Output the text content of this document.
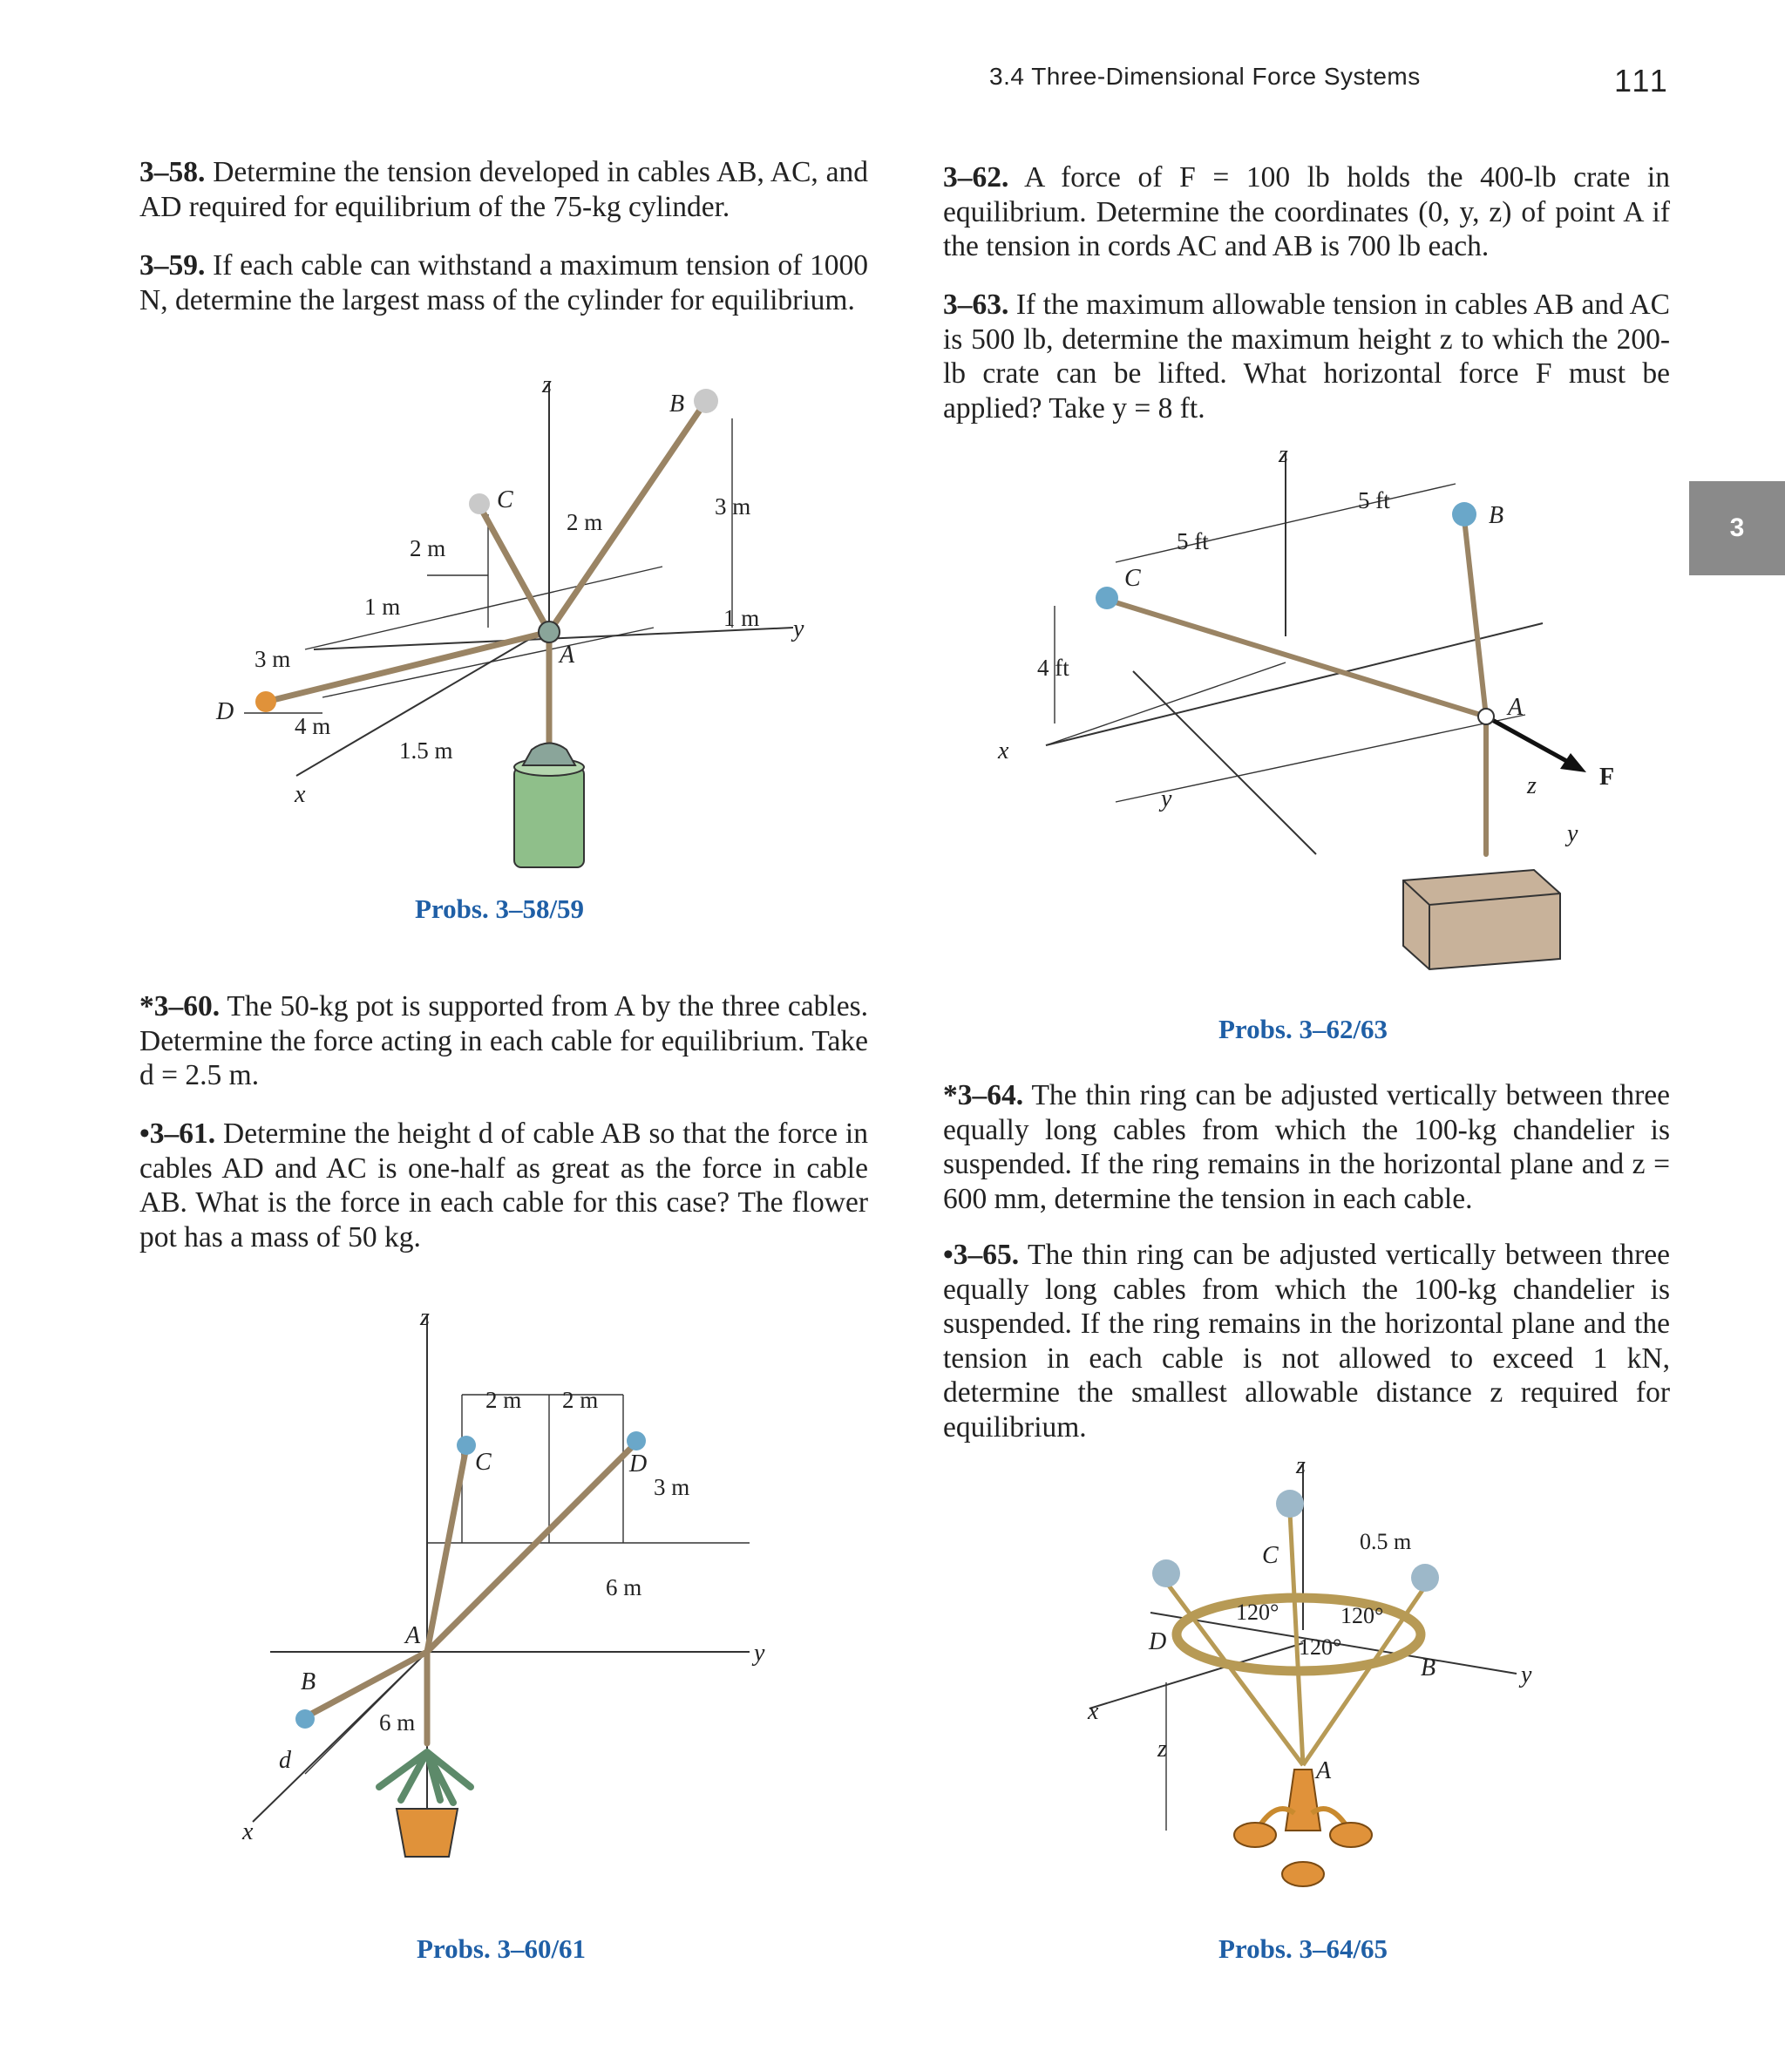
3.4 Three-Dimensional Force Systems	111
3
3–58. Determine the tension developed in cables AB, AC, and AD required for equilibrium of the 75-kg cylinder.
3–59. If each cable can withstand a maximum tension of 1000 N, determine the largest mass of the cylinder for equilibrium.
*3–60. The 50-kg pot is supported from A by the three cables. Determine the force acting in each cable for equilibrium. Take d = 2.5 m.
•3–61. Determine the height d of cable AB so that the force in cables AD and AC is one-half as great as the force in cable AB. What is the force in each cable for this case? The flower pot has a mass of 50 kg.
3–62. A force of F = 100 lb holds the 400-lb crate in equilibrium. Determine the coordinates (0, y, z) of point A if the tension in cords AC and AB is 700 lb each.
3–63. If the maximum allowable tension in cables AB and AC is 500 lb, determine the maximum height z to which the 200-lb crate can be lifted. What horizontal force F must be applied? Take y = 8 ft.
*3–64. The thin ring can be adjusted vertically between three equally long cables from which the 100-kg chandelier is suspended. If the ring remains in the horizontal plane and z = 600 mm, determine the tension in each cable.
•3–65. The thin ring can be adjusted vertically between three equally long cables from which the 100-kg chandelier is suspended. If the ring remains in the horizontal plane and the tension in each cable is not allowed to exceed 1 kN, determine the smallest allowable distance z required for equilibrium.
z
y
x
A
B
C
D
2 m
2 m
3 m
3 m
1 m	1 m
4 m
1.5 m
Probs. 3–58/59
z
y
x
A
B
C	D
d
2 m 2 m
3 m
6 m
6 m
Probs. 3–60/61
z
y
x
A
B
C
z
y
F
5 ft
5 ft
4 ft
Probs. 3–62/63
z
y
x
A
B
C
D
z
0.5 m
120°	120°
120°
Probs. 3–64/65
